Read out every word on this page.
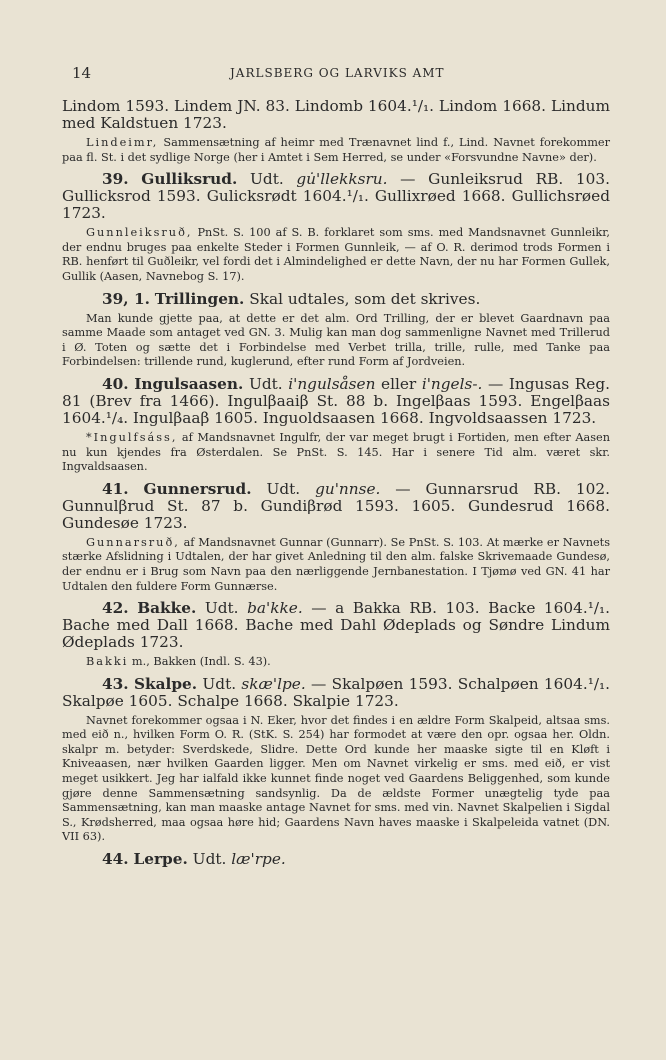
14	JARLSBERG OG LARVIKS AMT

Lindom 1593. Lindem JN. 83. Lindomb 1604.¹/₁. Lindom 1668. Lindum med Kaldstuen 1723.

Lindeimr, Sammensætning af heimr med Trænavnet lind f., Lind. Navnet forekommer paa fl. St. i det sydlige Norge (her i Amtet i Sem Herred, se under «Forsvundne Navne» der).

39. Gulliksrud. Udt. gu̇'llekksru. — Gunleiksrud RB. 103. Gullicksrod 1593. Gulicksrødt 1604.¹/₁. Gullixrøed 1668. Gullichsrøed 1723.

Gunnleiksruð, PnSt. S. 100 af S. B. forklaret som sms. med Mandsnavnet Gunnleikr, der endnu bruges paa enkelte Steder i Formen Gunnleik, — af O. R. derimod trods Formen i RB. henført til Guðleikr, vel fordi det i Almindelighed er dette Navn, der nu har Formen Gullek, Gullik (Aasen, Navnebog S. 17).

39, 1. Trillingen. Skal udtales, som det skrives.

Man kunde gjette paa, at dette er det alm. Ord Trilling, der er blevet Gaardnavn paa samme Maade som antaget ved GN. 3. Mulig kan man dog sammenligne Navnet med Trillerud i Ø. Toten og sætte det i Forbindelse med Verbet trilla, trille, rulle, med Tanke paa Forbindelsen: trillende rund, kuglerund, efter rund Form af Jordveien.

40. Ingulsaasen. Udt. i'ngulsåsen eller i'ngels-. — Ingusas Reg. 81 (Brev fra 1466). Ingulβaaiβ St. 88 b. Ingelβaas 1593. Engelβaas 1604.¹/₄. Ingulβaaβ 1605. Inguoldsaasen 1668. Ingvoldsaassen 1723.

*Ingulfsáss, af Mandsnavnet Ingulfr, der var meget brugt i Fortiden, men efter Aasen nu kun kjendes fra Østerdalen. Se PnSt. S. 145. Har i senere Tid alm. været skr. Ingvaldsaasen.

41. Gunnersrud. Udt. gu'nnse. — Gunnarsrud RB. 102. Gunnulβrud St. 87 b. Gundiβrød 1593. 1605. Gundesrud 1668. Gundesøe 1723.

Gunnarsruð, af Mandsnavnet Gunnar (Gunnarr). Se PnSt. S. 103. At mærke er Navnets stærke Afslidning i Udtalen, der har givet Anledning til den alm. falske Skrivemaade Gundesø, der endnu er i Brug som Navn paa den nærliggende Jernbanestation. I Tjømø ved GN. 41 har Udtalen den fuldere Form Gunnærse.

42. Bakke. Udt. ba'kke. — a Bakka RB. 103. Backe 1604.¹/₁. Bache med Dall 1668. Bache med Dahl Ødeplads og Søndre Lindum Ødeplads 1723.

Bakki m., Bakken (Indl. S. 43).

43. Skalpe. Udt. skæ'lpe. — Skalpøen 1593. Schalpøen 1604.¹/₁. Skalpøe 1605. Schalpe 1668. Skalpie 1723.

Navnet forekommer ogsaa i N. Eker, hvor det findes i en ældre Form Skalpeid, altsaa sms. med eið n., hvilken Form O. R. (StK. S. 254) har formodet at være den opr. ogsaa her. Oldn. skalpr m. betyder: Sverdskede, Slidre. Dette Ord kunde her maaske sigte til en Kløft i Kniveaasen, nær hvilken Gaarden ligger. Men om Navnet virkelig er sms. med eið, er vist meget usikkert. Jeg har ialfald ikke kunnet finde noget ved Gaardens Beliggenhed, som kunde gjøre denne Sammensætning sandsynlig. Da de ældste Former unægtelig tyde paa Sammensætning, kan man maaske antage Navnet for sms. med vin. Navnet Skalpelien i Sigdal S., Krødsherred, maa ogsaa høre hid; Gaardens Navn haves maaske i Skalpeleida vatnet (DN. VII 63).

44. Lerpe. Udt. læ'rpe.
